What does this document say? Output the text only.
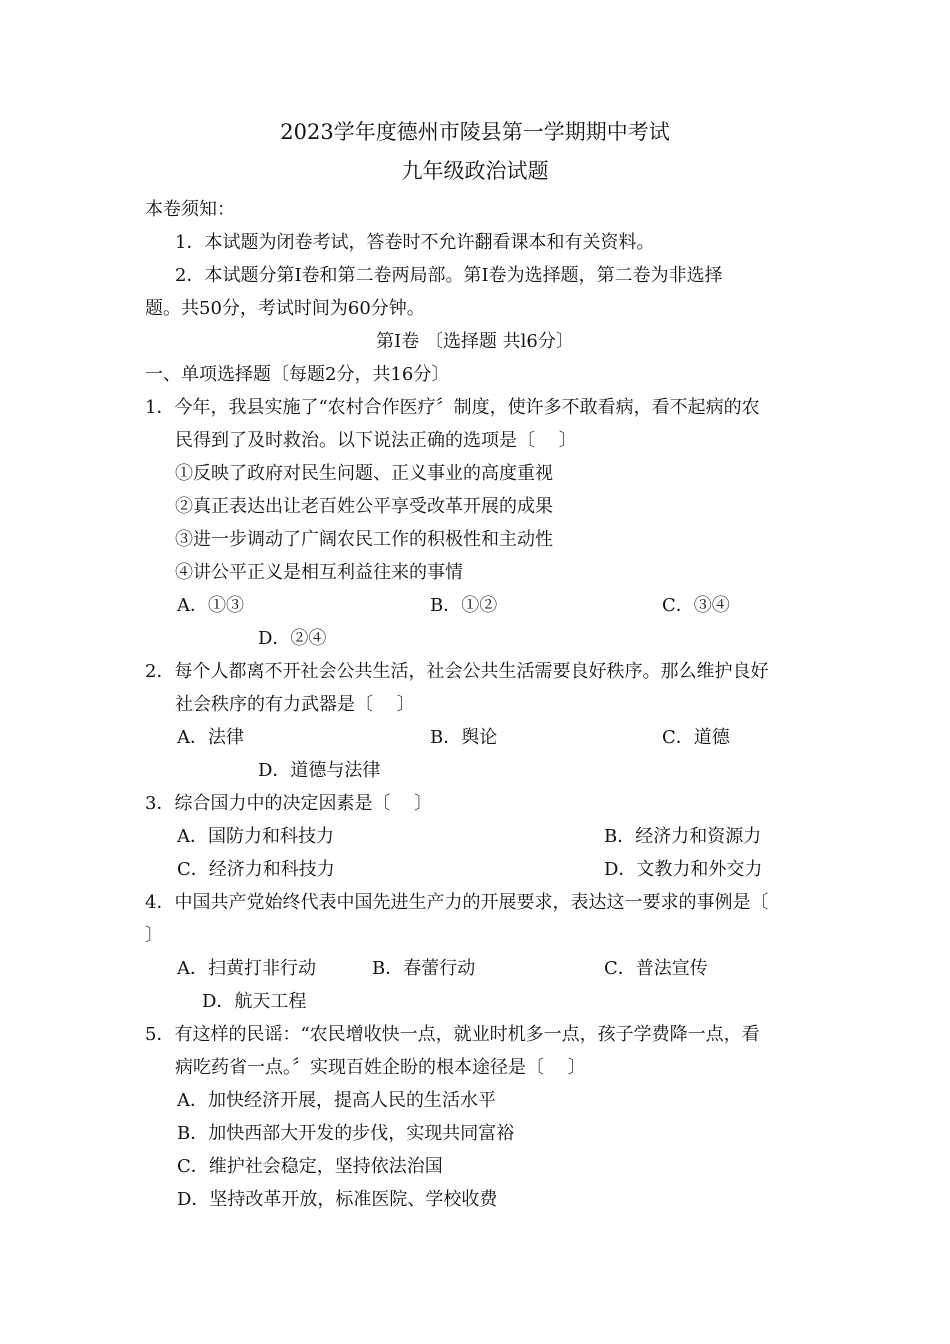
2023学年度德州市陵县第一学期期中考试
九年级政治试题
本卷须知：
1．本试题为闭卷考试，答卷时不允许翻看课本和有关资料。
2．本试题分第I卷和第二卷两局部。第I卷为选择题，第二卷为非选择
题。共50分，考试时间为60分钟。
第I卷 〔选择题 共l6分〕
一、单项选择题〔每题2分，共16分〕
1．今年，我县实施了“农村合作医疗〞制度，使许多不敢看病，看不起病的农
民得到了及时救治。以下说法正确的选项是〔　 〕
①反映了政府对民生问题、正义事业的高度重视
②真正表达出让老百姓公平享受改革开展的成果
③进一步调动了广阔农民工作的积极性和主动性
④讲公平正义是相互利益往来的事情
A．①③	B．①②	C．③④
D．②④
2．每个人都离不开社会公共生活，社会公共生活需要良好秩序。那么维护良好
社会秩序的有力武器是〔　 〕
A．法律	B．舆论	C．道德
D．道德与法律
3．综合国力中的决定因素是〔　 〕
A．国防力和科技力	B．经济力和资源力
C．经济力和科技力	D．文教力和外交力
4．中国共产党始终代表中国先进生产力的开展要求，表达这一要求的事例是〔
〕
A．扫黄打非行动	B．春蕾行动	C．普法宣传
D．航天工程
5．有这样的民谣：“农民增收快一点，就业时机多一点，孩子学费降一点，看
病吃药省一点。〞实现百姓企盼的根本途径是〔　 〕
A．加快经济开展，提高人民的生活水平
B．加快西部大开发的步伐，实现共同富裕
C．维护社会稳定，坚持依法治国
D．坚持改革开放，标准医院、学校收费
